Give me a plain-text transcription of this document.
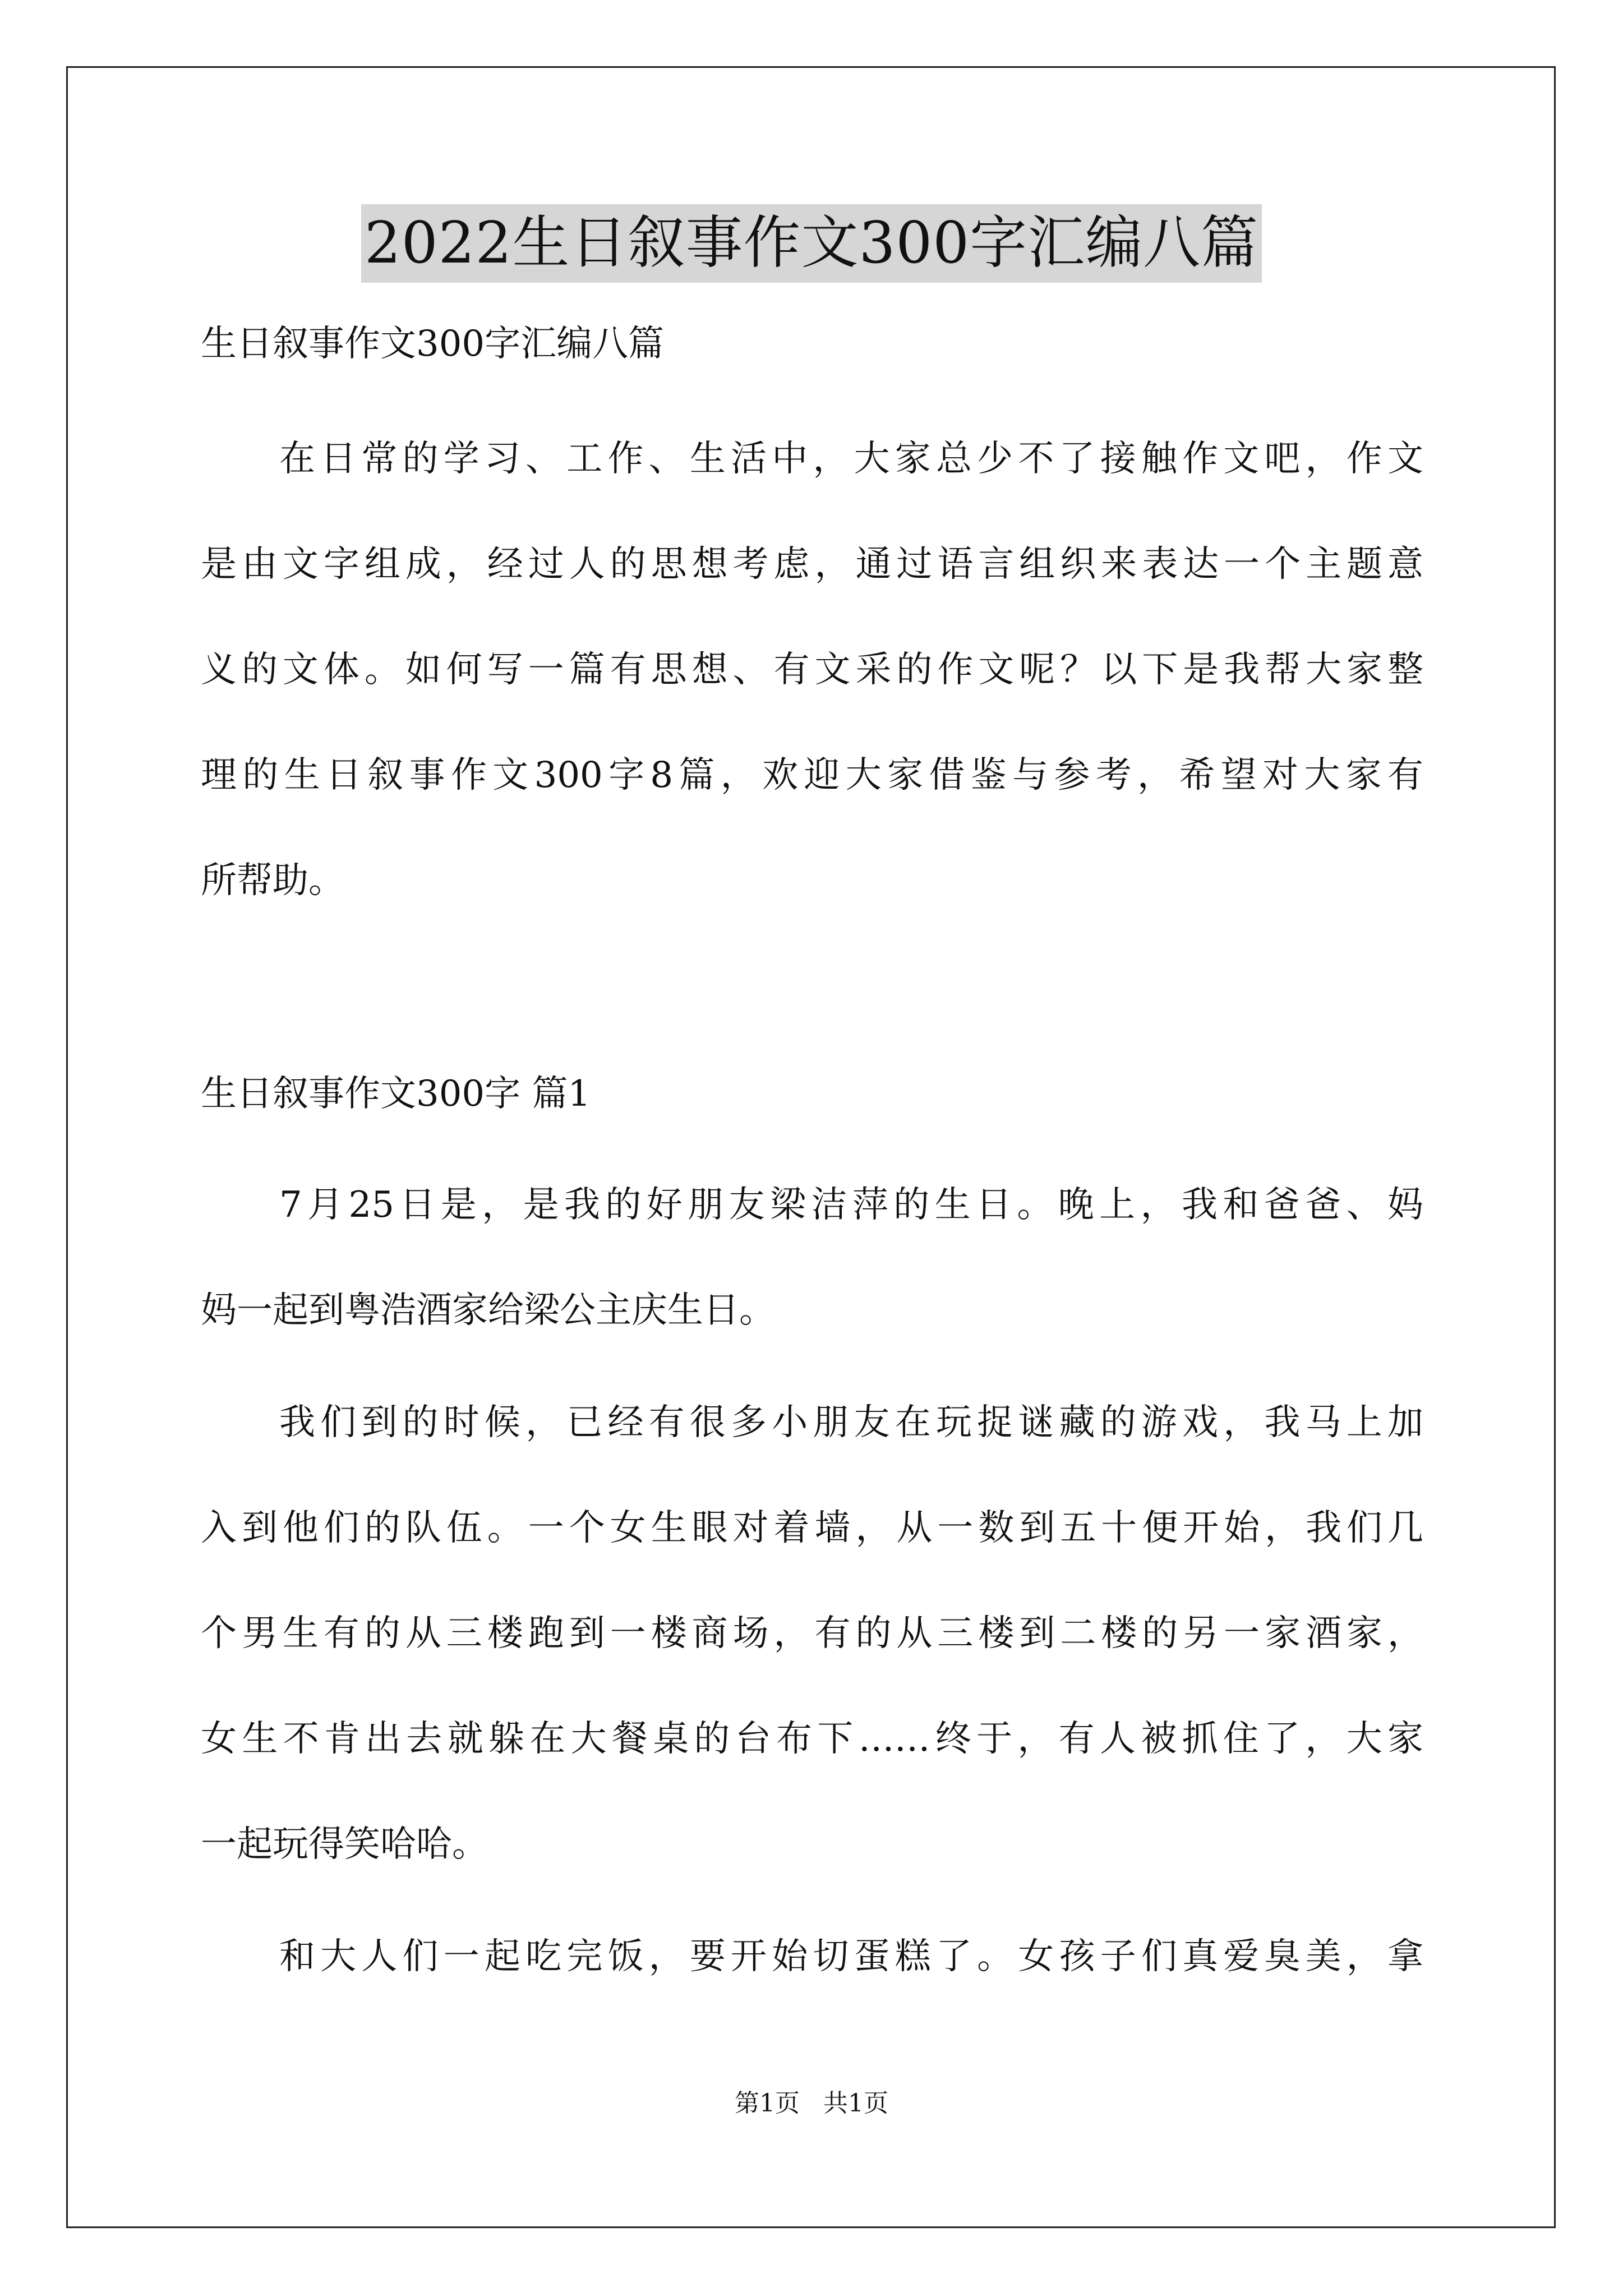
2022生日叙事作文300字汇编八篇
生日叙事作文300字汇编八篇
在日常的学习、工作、生活中，大家总少不了接触作文吧，作文
是由文字组成，经过人的思想考虑，通过语言组织来表达一个主题意
义的文体。如何写一篇有思想、有文采的作文呢？以下是我帮大家整
理的生日叙事作文300字8篇，欢迎大家借鉴与参考，希望对大家有
所帮助。
生日叙事作文300字 篇1
7月25日是，是我的好朋友梁洁萍的生日。晚上，我和爸爸、妈
妈一起到粤浩酒家给梁公主庆生日。
我们到的时候，已经有很多小朋友在玩捉谜藏的游戏，我马上加
入到他们的队伍。一个女生眼对着墙，从一数到五十便开始，我们几
个男生有的从三楼跑到一楼商场，有的从三楼到二楼的另一家酒家，
女生不肯出去就躲在大餐桌的台布下……终于，有人被抓住了，大家
一起玩得笑哈哈。
和大人们一起吃完饭，要开始切蛋糕了。女孩子们真爱臭美，拿
第1页   共1页
